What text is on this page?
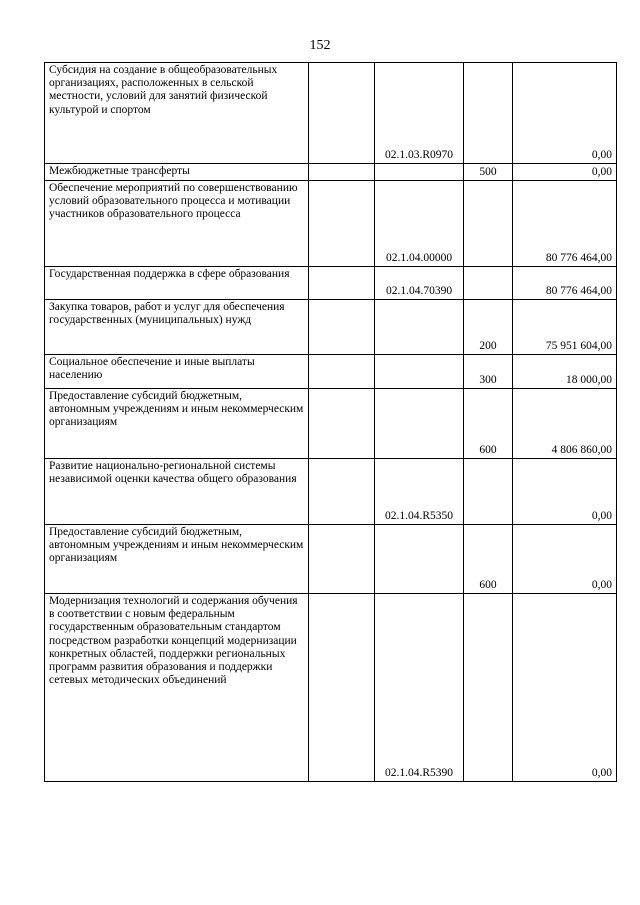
152
Субсидия на создание в общеобразовательных организациях, расположенных в сельской местности, условий для занятий физической культурой и спортом		02.1.03.R0970		0,00
Межбюджетные трансферты			500	0,00
Обеспечение мероприятий по совершенствованию условий образовательного процесса и мотивации участников образовательного процесса		02.1.04.00000		80 776 464,00
Государственная поддержка в сфере образования		02.1.04.70390		80 776 464,00
Закупка товаров, работ и услуг для обеспечения государственных (муниципальных) нужд			200	75 951 604,00
Социальное обеспечение и иные выплаты населению			300	18 000,00
Предоставление субсидий бюджетным, автономным учреждениям и иным некоммерческим организациям			600	4 806 860,00
Развитие национально-региональной системы независимой оценки качества общего образования		02.1.04.R5350		0,00
Предоставление субсидий бюджетным, автономным учреждениям и иным некоммерческим организациям			600	0,00
Модернизация технологий и содержания обучения в соответствии с новым федеральным государственным образовательным стандартом посредством разработки концепций модернизации конкретных областей, поддержки региональных программ развития образования и поддержки сетевых методических объединений		02.1.04.R5390		0,00
